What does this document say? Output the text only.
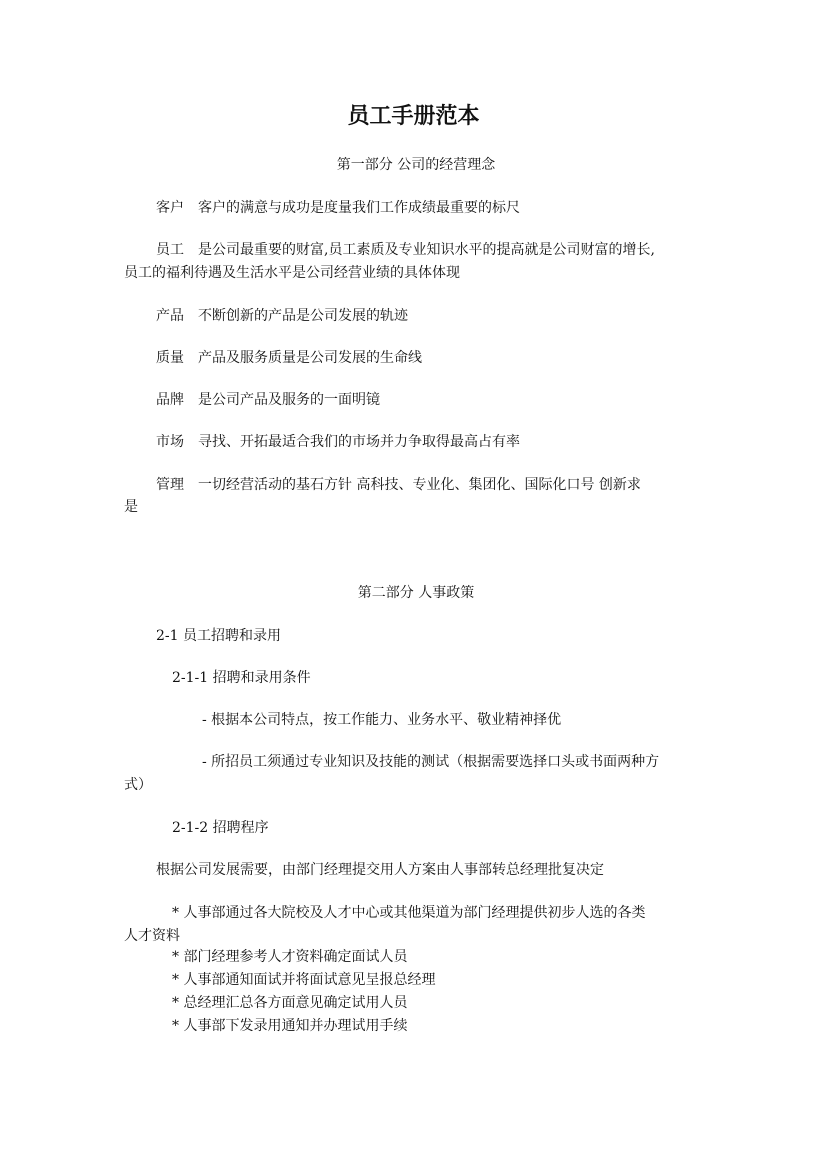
员工手册范本
第一部分 公司的经营理念
客户 客户的满意与成功是度量我们工作成绩最重要的标尺
员工 是公司最重要的财富,员工素质及专业知识水平的提高就是公司财富的增长,
员工的福利待遇及生活水平是公司经营业绩的具体体现
产品 不断创新的产品是公司发展的轨迹
质量 产品及服务质量是公司发展的生命线
品牌 是公司产品及服务的一面明镜
市场 寻找、开拓最适合我们的市场并力争取得最高占有率
管理 一切经营活动的基石方针 高科技、专业化、集团化、国际化口号 创新求
是
第二部分 人事政策
2-1 员工招聘和录用
2-1-1 招聘和录用条件
- 根据本公司特点，按工作能力、业务水平、敬业精神择优
- 所招员工须通过专业知识及技能的测试（根据需要选择口头或书面两种方
式）
2-1-2 招聘程序
根据公司发展需要，由部门经理提交用人方案由人事部转总经理批复决定
* 人事部通过各大院校及人才中心或其他渠道为部门经理提供初步人选的各类
人才资料
* 部门经理参考人才资料确定面试人员
* 人事部通知面试并将面试意见呈报总经理
* 总经理汇总各方面意见确定试用人员
* 人事部下发录用通知并办理试用手续
